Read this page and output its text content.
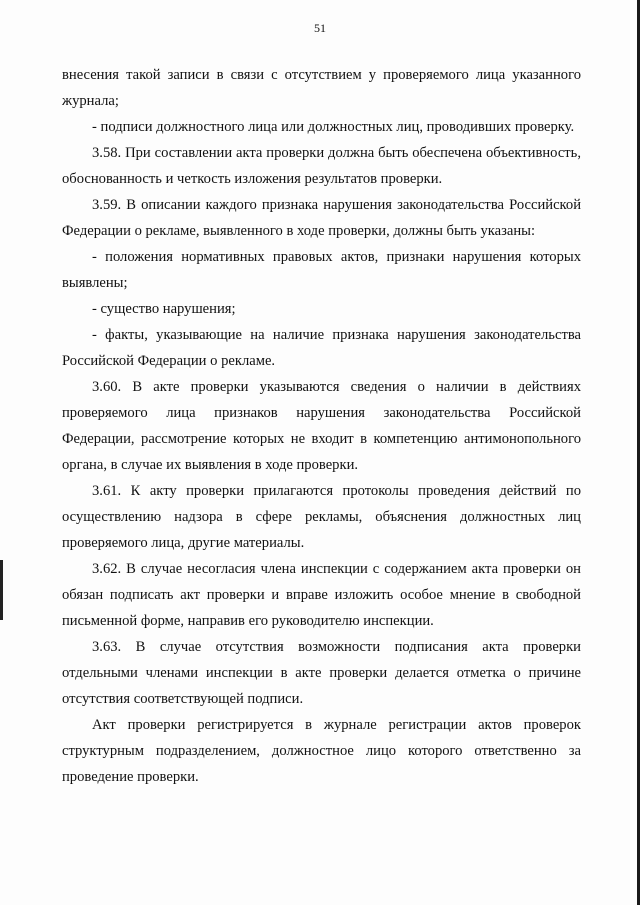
51

внесения такой записи в связи с отсутствием у проверяемого лица указанного журнала;

- подписи должностного лица или должностных лиц, проводивших проверку.

3.58. При составлении акта проверки должна быть обеспечена объективность, обоснованность и четкость изложения результатов проверки.

3.59. В описании каждого признака нарушения законодательства Российской Федерации о рекламе, выявленного в ходе проверки, должны быть указаны:

- положения нормативных правовых актов, признаки нарушения которых выявлены;

- существо нарушения;

- факты, указывающие на наличие признака нарушения законодательства Российской Федерации о рекламе.

3.60. В акте проверки указываются сведения о наличии в действиях проверяемого лица признаков нарушения законодательства Российской Федерации, рассмотрение которых не входит в компетенцию антимонопольного органа, в случае их выявления в ходе проверки.

3.61. К акту проверки прилагаются протоколы проведения действий по осуществлению надзора в сфере рекламы, объяснения должностных лиц проверяемого лица, другие материалы.

3.62. В случае несогласия члена инспекции с содержанием акта проверки он обязан подписать акт проверки и вправе изложить особое мнение в свободной письменной форме, направив его руководителю инспекции.

3.63. В случае отсутствия возможности подписания акта проверки отдельными членами инспекции в акте проверки делается отметка о причине отсутствия соответствующей подписи.

Акт проверки регистрируется в журнале регистрации актов проверок структурным подразделением, должностное лицо которого ответственно за проведение проверки.
